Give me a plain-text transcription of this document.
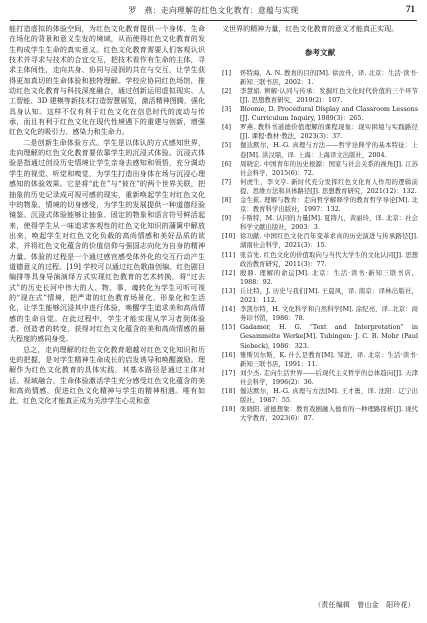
罗　燕：走向理解的红色文化教育：意蕴与实现	71

能打造虚拟的体验空间，为红色文化教育提供一个身体、生命在场化的背景和意义生发的境域，从而使得红色文化教育的发生构成学生生命的真实意义。红色文化教育需要人们客观认识技术并寻求与技术的合宜交互，把技术看作有生命的主体，寻求主体间性，走向共身、协同与浸润的共在与交互，让学生获得更加真切的生命体验和独特理解。学校应协同红色场馆，推动红色文化教育与科技深度融合，通过创新运用虚拟现实、人工智能、3D 建模等新技术打造智慧展览，激活精神图腾，强化具身认知。这样不仅有利于红色文化在信息时代的流动与传承，而且有利于红色文化在现代性境遇下的重建与创新，增强红色文化的吸引力、感染力和生命力。

二是创新生命体验方式。学生是以体认的方式感知世界，走向理解的红色文化教育要依靠学生的沉浸式体验。沉浸式体验是指通过创设历史情境让学生亲身去感知和领悟，充分调动学生的视觉、听觉和嗅觉，为学生打造出身体在场与沉浸心理感知的体验效果。它是将“此在”与“彼在”的两个世界关联，把抽象的历史记录成可视可感的现实，重新唤起学生对红色文化中的物象、情境的切身感受，为学生的发展提供一种道德经验镜鉴。沉浸式体验能够让抽象、固定的物象和语言符号鲜活起来，使得学生从一味追求客观性的红色文化知识的藩篱中解放出来，唤起学生对红色文化负载的高尚情感和美好品质的欲求，并将红色文化蕴含的价值信仰与强国志向化为自身的精神力量。体验的过程是一个通过感官感受体外化的交互行动产生道德意义的过程。[19] 学校可以通过红色歌曲创编、红色剧目编排等具身导演演绎方式实现红色教育的艺术转换，将“过去式”的历史长河中伟大的人、物、事、魂转化为学生可听可视的“现在式”情境，把严肃的红色教育场景化、形象化和生活化，让学生能够沉浸其中进行体验，唤醒学生追求美和高尚情感的生命自觉。在此过程中，学生才能实现从学习者到体验者、创造者的转变，获得对红色文化蕴含的美和高尚情感的最大程度的感同身受。

总之，走向理解的红色文化教育超越对红色文化知识和历史的把握，是对学生精神生命成长的启发诱导和唤醒激励。理解作为红色文化教育的具体实践，其基本路径是通过主体对话、视域融合、生命体验激活学生充分感受红色文化蕴含的美和高尚情感，促进红色文化精神与学生的精神相遇。唯有如此，红色文化才能真正成为关涉学生心灵和意

义世界的精神力量，红色文化教育的意义才能真正实现。

参考文献
[1]	怀特海，A. N. 教育的目的[M]. 徐汝舟，译. 北京：生活·读书·新知三联书店，2002：1.
[2]	李慧娟. 辨解·认同与传承：发掘红色文化时代价值的三个环节[J]. 思想教育研究，2019(2)：107.
[3]	Bloome, D. Procedural Display and Classroom Lessons [J]. Curriculum Inquiry, 1989(3)：265.
[4]	罗燕. 教科书道德价值理解的课程现象：现实困境与实践路径[J]. 课程·教材·教法，2023(3)：37.
[5]	伽达默尔，H.-G. 真理与方法——哲学诠释学的基本特征：上卷[M]. 洪汉鼎，译. 上海：上海译文出版社，2004.
[6]	周晓宏. 中国青年的历史根源：国家与社会关系的视角[J]. 江苏社会科学，2015(6)：72.
[7]	何虎生，李文亨. 新时代充分发挥红色文化育人作用的逻辑前提、思维方法和具体路径[J]. 思想教育研究，2021(12)：132.
[8]	金生鈜. 理解与教育：走向哲学解释学的教育哲学导论[M]. 北京：教育科学出版社，1997：132.
[9]	卡斯特，M. 认同的力量[M]. 夏铸九，黄丽玲，译. 北京：社会科学文献出版社，2003：3.
[10] 徐功献. 中国红色文化百年变革求真的历史演进与传承路径[J]. 湖南社会科学，2021(3)：15.
[11] 张首先. 红色文化的价值取向与当代大学生的文化认同[J]. 思想政治教育研究，2011(3)：77.
[12] 殷鼎. 理解的命运[M]. 北京：生活·读书·新知三联书店，1988：92.
[13] 丘比特，J. 历史与我们[M]. 王晨风，译. 南京：译林出版社，2021：112.
[14] 李凯尔特，H. 文化科学和自然科学[M]. 涂纪亮，译. 北京：商务印书馆，1986：78.
[15] Gadamer, H. G. “Text and Interpretation” in Gesammelte Werke[M]. Tubingen: J. C. B. Mohr (Paul Siebeck), 1986：323.
[16] 雅斯贝尔斯，K. 什么是教育[M]. 邹进，译. 北京：生活·读书·新知三联书店，1991：11.
[17] 刘少杰. 走向生活世界——后现代主义哲学的总体趋向[J]. 天津社会科学，1996(2)：36.
[18] 伽达默尔，H.-G. 真理与方法[M]. 王才勇，译. 沈阳：辽宁出版社，1987：55.
[19] 张晓阳. 道德想象：教育戏剧融入德育的一种理路探析[J]. 现代大学教育，2023(6)：87.
（责任编辑　曾山金　阳玲花）
